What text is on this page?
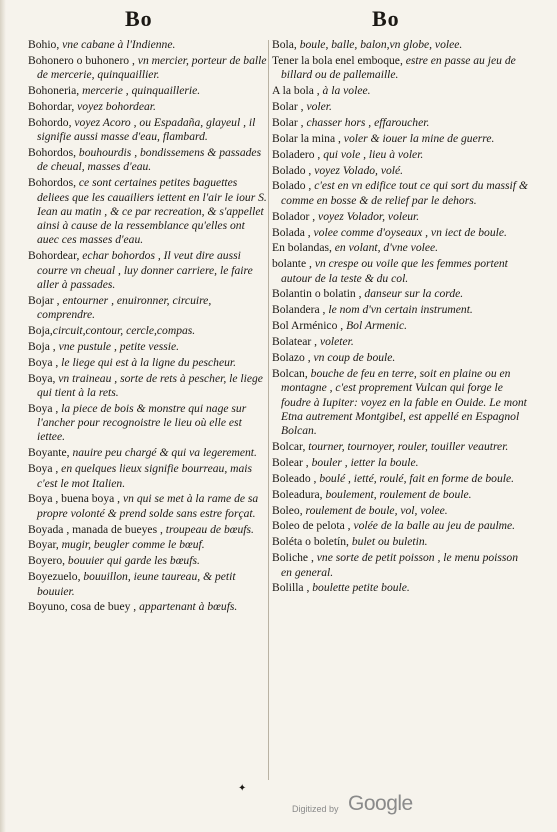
Bo	Bo

Bohio, vne cabane à l'Indienne.

Bohonero o buhonero , vn mercier, porteur de balle de mercerie, quinquaillier.

Bohoneria, mercerie , quinquaillerie.

Bohordar, voyez bohordear.

Bohordo, voyez Acoro , ou Espadaña, glayeul , il signifie aussi masse d'eau, flambard.

Bohordos, bouhourdis , bondissemens & passades de cheual, masses d'eau.

Bohordos, ce sont certaines petites baguettes deliees que les cauailiers iettent en l'air le iour S. Iean au matin , & ce par recreation, & s'appellet ainsi à cause de la ressemblance qu'elles ont auec ces masses d'eau.

Bohordear, echar bohordos , Il veut dire aussi courre vn cheual , luy donner carriere, le faire aller à passades.

Bojar , entourner , enuironner, circuire, comprendre.

Boja,circuit,contour, cercle,compas.

Boja , vne pustule , petite vessie.

Boya , le liege qui est à la ligne du pescheur.

Boya, vn traineau , sorte de rets à pescher, le liege qui tient à la rets.

Boya , la piece de bois & monstre qui nage sur l'ancher pour recognoistre le lieu où elle est iettee.

Boyante, nauire peu chargé & qui va legerement.

Boya , en quelques lieux signifie bourreau, mais c'est le mot Italien.

Boya , buena boya , vn qui se met à la rame de sa propre volonté & prend solde sans estre forçat.

Boyada , manada de bueyes , troupeau de bœufs.

Boyar, mugir, beugler comme le bœuf.

Boyero, bouuier qui garde les bœufs.

Boyezuelo, bouuillon, ieune taureau, & petit bouuier.

Boyuno, cosa de buey , appartenant à bœufs.

Bola, boule, balle, balon,vn globe, volee.

Tener la bola enel emboque, estre en passe au jeu de billard ou de pallemaille.

A la bola , à la volee.

Bolar , voler.

Bolar , chasser hors , effaroucher.

Bolar la mina , voler & iouer la mine de guerre.

Boladero , qui vole , lieu à voler.

Bolado , voyez Volado, volé.

Bolado , c'est en vn edifice tout ce qui sort du massif & comme en bosse & de relief par le dehors.

Bolador , voyez Volador, voleur.

Bolada , volee comme d'oyseaux , vn iect de boule.

En bolandas, en volant, d'vne volee.

bolante , vn crespe ou voile que les femmes portent autour de la teste & du col.

Bolantin o bolatin , danseur sur la corde.

Bolandera , le nom d'vn certain instrument.

Bol Arménico , Bol Armenic.

Bolatear , voleter.

Bolazo , vn coup de boule.

Bolcan, bouche de feu en terre, soit en plaine ou en montagne , c'est proprement Vulcan qui forge le foudre à Iupiter: voyez en la fable en Ouide. Le mont Etna autrement Montgibel, est appellé en Espagnol Bolcan.

Bolcar, tourner, tournoyer, rouler, touiller veautrer.

Bolear , bouler , ietter la boule.

Boleado , boulé , ietté, roulé, fait en forme de boule.

Boleadura, boulement, roulement de boule.

Boleo, roulement de boule, vol, volee.

Boleo de pelota , volée de la balle au jeu de paulme.

Boléta o boletín, bulet ou buletin.

Boliche , vne sorte de petit poisson , le menu poisson en general.

Bolilla , boulette petite boule.

✦
Digitized by Google
